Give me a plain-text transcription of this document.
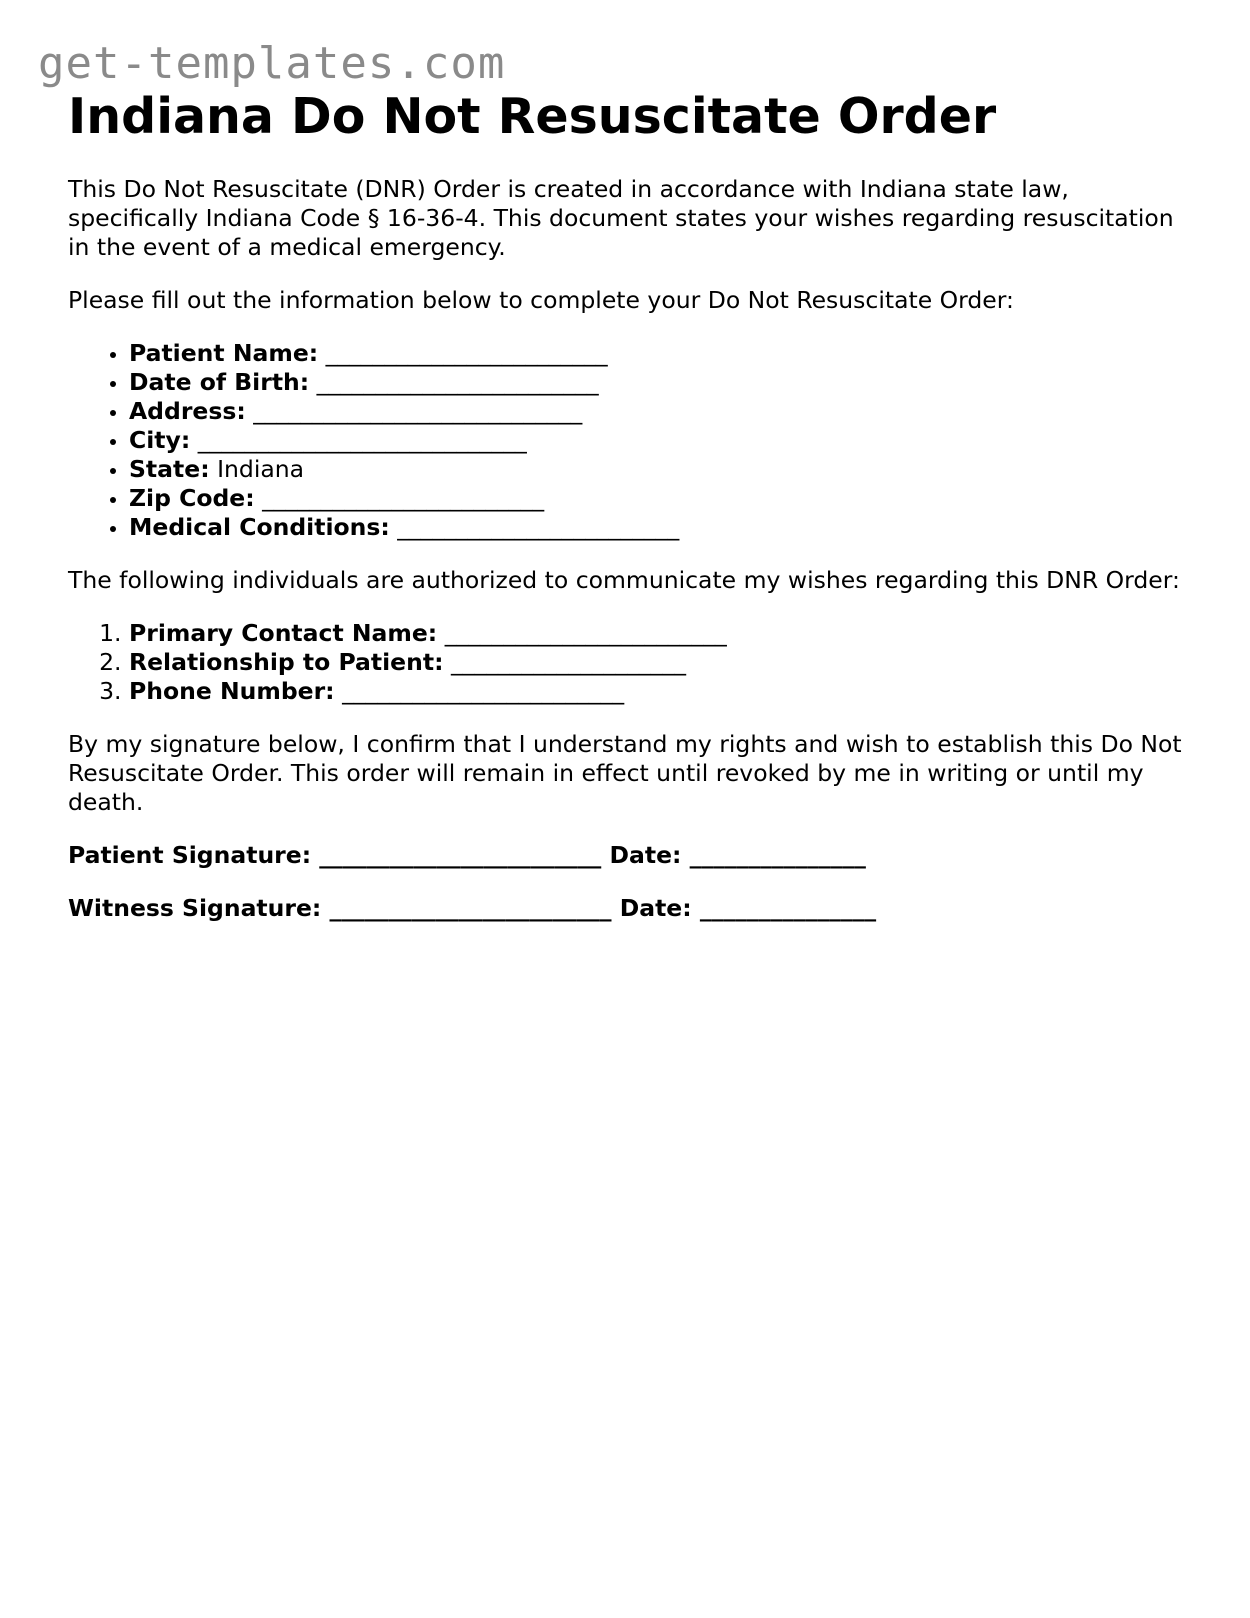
get-templates.com
Indiana Do Not Resuscitate Order

This Do Not Resuscitate (DNR) Order is created in accordance with Indiana state law, specifically Indiana Code § 16-36-4. This document states your wishes regarding resuscitation in the event of a medical emergency.

Please fill out the information below to complete your Do Not Resuscitate Order:

• Patient Name: ________________________
• Date of Birth: ________________________
• Address: ____________________________
• City: ____________________________
• State: Indiana
• Zip Code: ________________________
• Medical Conditions: ________________________

The following individuals are authorized to communicate my wishes regarding this DNR Order:

1. Primary Contact Name: ________________________
2. Relationship to Patient: ____________________
3. Phone Number: ________________________

By my signature below, I confirm that I understand my rights and wish to establish this Do Not Resuscitate Order. This order will remain in effect until revoked by me in writing or until my death.

Patient Signature: ________________________ Date: _______________
Witness Signature: ________________________ Date: _______________
